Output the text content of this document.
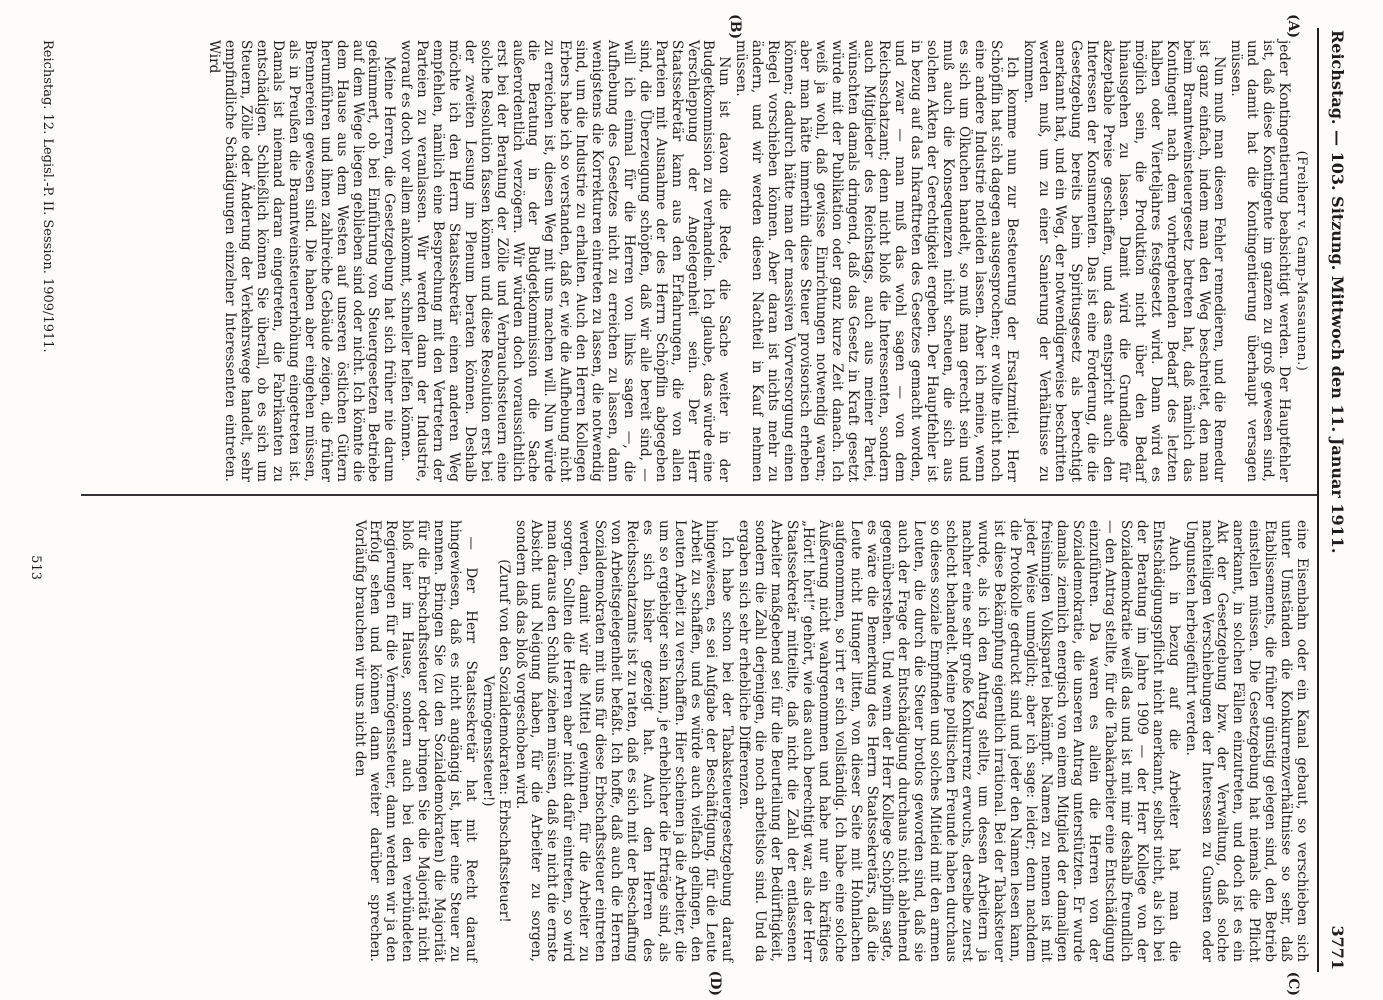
Reichstag. — 103. Sitzung. Mittwoch den 11. Januar 1911.
3771
(A)
(B)
(C)
(D)
(Freiherr v. Gamp-Massaunen.)

jeder Kontingentierung beabsichtigt werden. Der Hauptfehler ist, daß diese Kontingente im ganzen zu groß gewesen sind, und damit hat die Kontingentierung überhaupt versagen müssen.

Nun muß man diesen Fehler remedieren, und die Remedur ist ganz einfach, indem man den Weg beschreitet, den man beim Branntweinsteuergesetz betreten hat, daß nämlich das Kontingent nach dem vorhergehenden Bedarf des letzten halben oder Vierteljahres festgesetzt wird. Dann wird es möglich sein, die Produktion nicht über den Bedarf hinausgehen zu lassen. Damit wird die Grundlage für akzeptable Preise geschaffen, und das entspricht auch den Interessen der Konsumenten. Das ist eine Forderung, die die Gesetzgebung bereits beim Spiritusgesetz als berechtigt anerkannt hat, und ein Weg, der notwendigerweise beschritten werden muß, um zu einer Sanierung der Verhältnisse zu kommen.

Ich komme nun zur Besteuerung der Ersatzmittel. Herr Schöpflin hat sich dagegen ausgesprochen; er wollte nicht noch eine andere Industrie notleiden lassen. Aber ich meine, wenn es sich um Ölkuchen handelt, so muß man gerecht sein und muß auch die Konsequenzen nicht scheuen, die sich aus solchen Akten der Gerechtigkeit ergeben. Der Hauptfehler ist in bezug auf das Inkrafttreten des Gesetzes gemacht worden, und zwar — man muß das wohl sagen — von dem Reichsschatzamt; denn nicht bloß die Interessenten, sondern auch Mitglieder des Reichstags, auch aus meiner Partei, wünschten damals dringend, daß das Gesetz in Kraft gesetzt würde mit der Publikation oder ganz kurze Zeit danach. Ich weiß ja wohl, daß gewisse Einrichtungen notwendig waren; aber man hätte immerhin diese Steuer provisorisch erheben können; dadurch hätte man der massiven Vorversorgung einen Riegel vorschieben können. Aber daran ist nichts mehr zu ändern, und wir werden diesen Nachteil in Kauf nehmen müssen.

Nun ist davon die Rede, die Sache weiter in der Budgetkommission zu verhandeln. Ich glaube, das würde eine Verschleppung der Angelegenheit sein. Der Herr Staatssekretär kann aus den Erfahrungen, die von allen Parteien mit Ausnahme der des Herrn Schöpflin abgegeben sind, die Überzeugung schöpfen, daß wir alle bereit sind, — will ich einmal für die Herren von links sagen —, die Aufhebung des Gesetzes nicht zu erreichen zu lassen, dann wenigstens die Korrekturen eintreten zu lassen, die notwendig sind, um die Industrie zu erhalten. Auch den Herren Kollegen Erbers habe ich so verstanden, daß er, wie die Aufhebung nicht zu erreichen ist, diesen Weg mit uns machen will. Nun würde die Beratung in der Budgetkommission die Sache außerordentlich verzögern. Wir würden doch voraussichtlich erst bei der Beratung der Zölle und Verbrauchssteuern eine solche Resolution fassen können und diese Resolution erst bei der zweiten Lesung im Plenum beraten können. Deshalb möchte ich den Herrn Staatssekretär einen anderen Weg empfehlen, nämlich eine Besprechung mit den Vertretern der Parteien zu veranlassen. Wir werden dann der Industrie, worauf es doch vor allem ankommt, schneller helfen können.

Meine Herren, die Gesetzgebung hat sich früher nie darum gekümmert, ob bei Einführung von Steuergesetzen Betriebe auf dem Wege liegen geblieben sind oder nicht. Ich könnte die dem Hause aus dem Westen auf unseren östlichen Gütern herumführen und ihnen zahlreiche Gebäude zeigen, die früher Brennereien gewesen sind. Die haben aber eingehen müssen, als in Preußen die Branntweinsteuererhöhung eingetreten ist. Damals ist niemand daran eingetreten, die Fabrikanten zu entschädigen. Schließlich können Sie überall, ob es sich um Steuern, Zölle oder Änderung der Verkehrswege handelt, sehr empfindliche Schädigungen einzelner Interessenten eintreten. Wird

eine Eisenbahn oder ein Kanal gebaut, so verschieben sich unter Umständen die Konkurrenzverhältnisse so sehr, daß Etablissements, die früher günstig gelegen sind, den Betrieb einstellen müssen. Die Gesetzgebung hat niemals die Pflicht anerkannt, in solchen Fällen einzutreten, und doch ist es ein Akt der Gesetzgebung bzw. der Verwaltung, daß solche nachteiligen Verschiebungen der Interessen zu Gunsten oder Ungunsten herbeigeführt werden.

Auch in bezug auf die Arbeiter hat man die Entschädigungspflicht nicht anerkannt, selbst nicht, als ich bei der Beratung im Jahre 1909 — der Herr Kollege von der Sozialdemokratie weiß das und ist mit mir deshalb freundlich — den Antrag stellte, für die Tabakarbeiter eine Entschädigung einzuführen. Da waren es allein die Herren von der Sozialdemokratie, die unseren Antrag unterstützten. Er wurde damals ziemlich energisch von einem Mitglied der damaligen freisinnigen Volkspartei bekämpft. Namen zu nennen ist mit jeder Weise unmöglich; aber ich sage: leider; denn nachdem die Protokolle gedruckt sind und jeder den Namen lesen kann, ist diese Bekämpfung eigentlich irrational. Bei der Tabaksteuer wurde, als ich den Antrag stellte, um dessen Arbeitern ja nachher eine sehr große Konkurrenz erwuchs, derselbe zuerst schlecht behandelt. Meine politischen Freunde haben durchaus so dieses soziale Empfinden und solches Mitleid mit den armen Leuten, die durch die Steuer brotlos geworden sind, daß sie auch der Frage der Entschädigung durchaus nicht ablehnend gegenüberstehen. Und wenn der Herr Kollege Schöpflin sagte, es wäre die Bemerkung des Herrn Staatssekretärs, daß die Leute nicht Hunger litten, von dieser Seite mit Hohnlachen aufgenommen, so irrt er sich vollständig. Ich habe eine solche Äußerung nicht wahrgenommen und habe nur ein kräftiges „Hört! hört!“ gehört, wie das auch berechtigt war, als der Herr Staatssekretär mitteilte, daß nicht die Zahl der entlassenen Arbeiter maßgebend sei für die Beurteilung der Bedürftigkeit, sondern die Zahl derjenigen, die noch arbeitslos sind. Und da ergaben sich sehr erhebliche Differenzen.

Ich habe schon bei der Tabaksteuergesetzgebung darauf hingewiesen, es sei Aufgabe der Beschäftigung, für die Leute Arbeit zu schaffen, und es würde auch vielfach gelingen, den Leuten Arbeit zu verschaffen. Hier scheinen ja die Arbeiter, die um so ergiebiger sein kann, je erheblicher die Erträge sind, als es sich bisher gezeigt hat. Auch den Herren des Reichsschatzamts ist zu raten, daß es sich mit der Beschaffung von Arbeitsgelegenheit befaßt. Ich hoffe, daß auch die Herren Sozialdemokraten mit uns für diese Erbschaftssteuer eintreten werden, damit wir die Mittel gewinnen, für die Arbeiter zu sorgen. Sollten die Herren aber nicht dafür eintreten, so wird man daraus den Schluß ziehen müssen, daß sie nicht die ernste Absicht und Neigung haben, für die Arbeiter zu sorgen, sondern daß das bloß vorgeschoben wird.

(Zuruf von den Sozialdemokraten: Erbschaftssteuer! Vermögenssteuer!)

— Der Herr Staatssekretär hat mit Recht darauf hingewiesen, daß es nicht angängig ist, hier eine Steuer zu nennen. Bringen Sie (zu den Sozialdemokraten) die Majorität für die Erbschaftssteuer oder bringen Sie die Majorität nicht bloß hier im Hause, sondern auch bei den verbündeten Regierungen für die Vermögenssteuer, dann werden wir ja den Erfolg sehen und können dann weiter darüber sprechen. Vorläufig brauchen wir uns nicht den

Reichstag. 12. Legisl.-P. II. Session. 1909/1911.
513
